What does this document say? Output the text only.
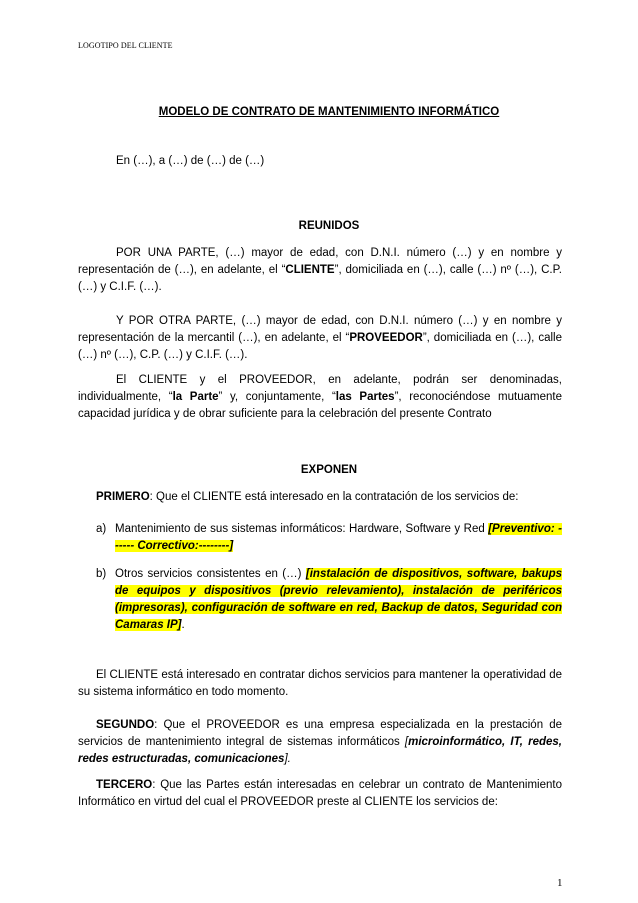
LOGOTIPO DEL CLIENTE
MODELO DE CONTRATO DE MANTENIMIENTO INFORMÁTICO
En (…), a (…) de (…) de (…)
REUNIDOS
POR UNA PARTE, (…) mayor de edad, con D.N.I. número (…) y en nombre y representación de (…), en adelante, el “CLIENTE”, domiciliada en (…), calle (…) nº (…), C.P. (…) y C.I.F. (…).
Y POR OTRA PARTE, (…) mayor de edad, con D.N.I. número (…) y en nombre y representación de la mercantil (…), en adelante, el “PROVEEDOR”, domiciliada en (…), calle (…) nº (…), C.P. (…) y C.I.F. (…).
El CLIENTE y el PROVEEDOR, en adelante, podrán ser denominadas, individualmente, “la Parte” y, conjuntamente, “las Partes”, reconociéndose mutuamente capacidad jurídica y de obrar suficiente para la celebración del presente Contrato
EXPONEN
PRIMERO: Que el CLIENTE está interesado en la contratación de los servicios de:
a) Mantenimiento de sus sistemas informáticos: Hardware, Software y Red [Preventivo: ------ Correctivo:--------]
b) Otros servicios consistentes en (…) [instalación de dispositivos, software, bakups de equipos y dispositivos (previo relevamiento), instalación de periféricos (impresoras), configuración de software en red, Backup de datos, Seguridad con Camaras IP].
El CLIENTE está interesado en contratar dichos servicios para mantener la operatividad de su sistema informático en todo momento.
SEGUNDO: Que el PROVEEDOR es una empresa especializada en la prestación de servicios de mantenimiento integral de sistemas informáticos [microinformático, IT, redes, redes estructuradas, comunicaciones].
TERCERO: Que las Partes están interesadas en celebrar un contrato de Mantenimiento Informático en virtud del cual el PROVEEDOR preste al CLIENTE los servicios de:
1
